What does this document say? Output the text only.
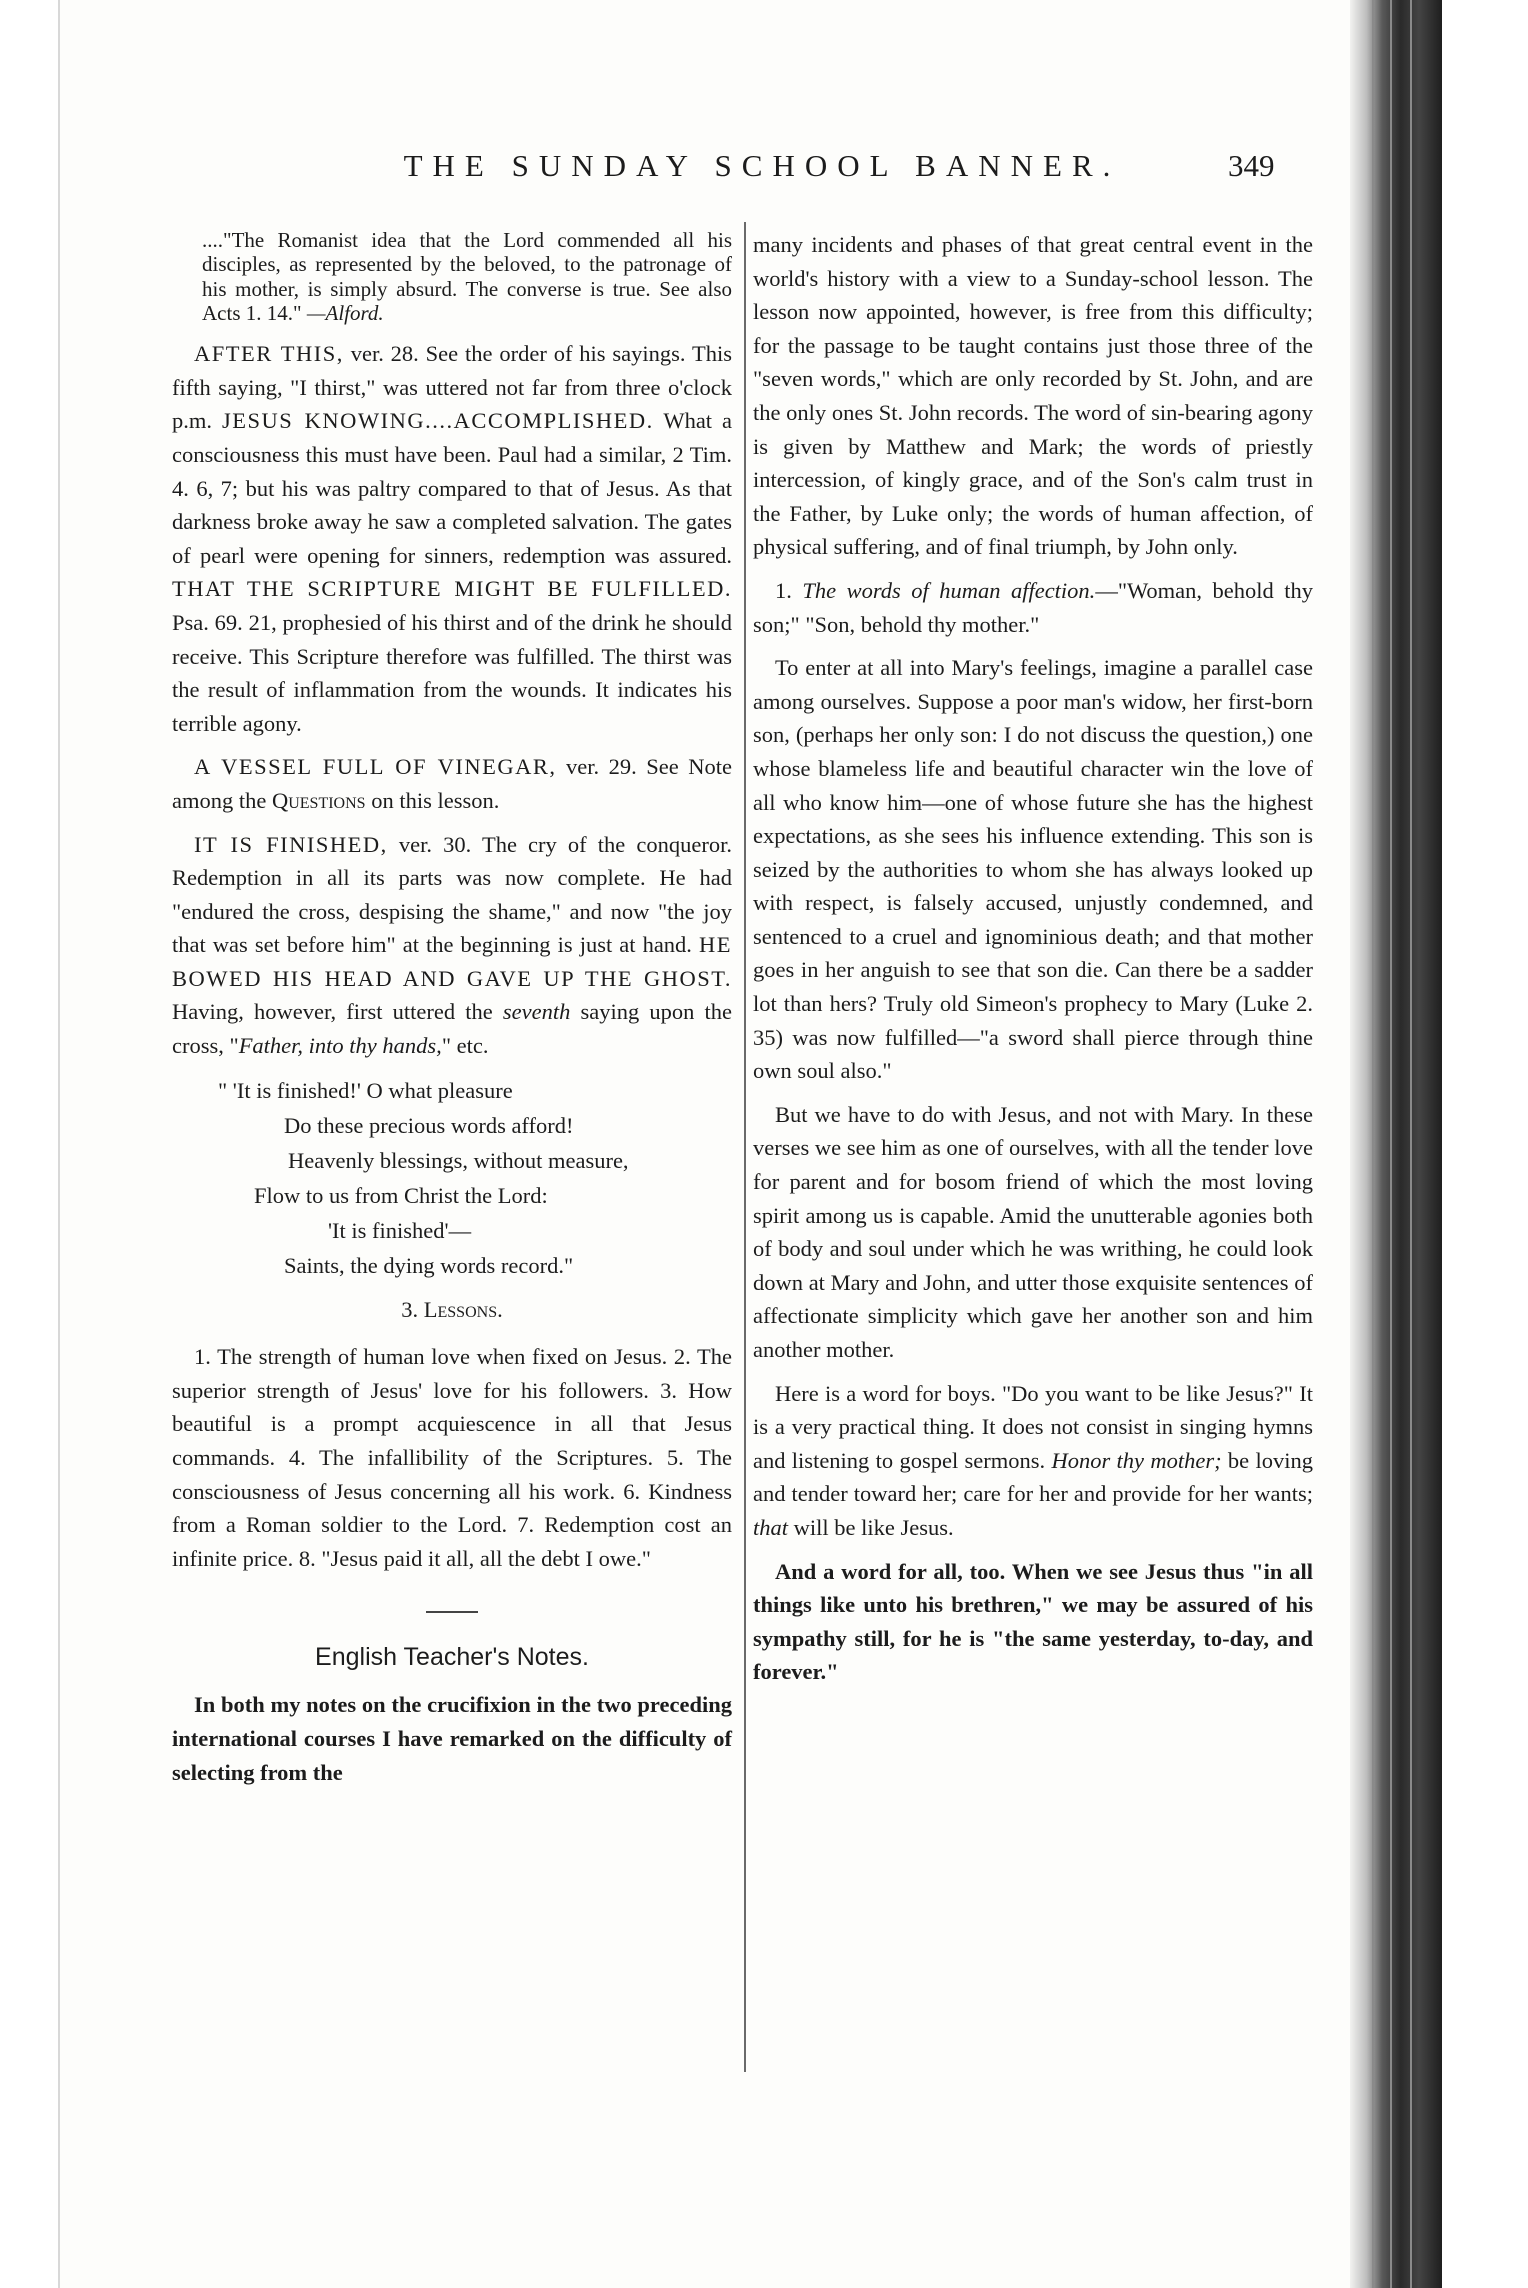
THE SUNDAY SCHOOL BANNER.	349

...."The Romanist idea that the Lord commended all his disciples, as represented by the beloved, to the patronage of his mother, is simply absurd. The converse is true. See also Acts 1. 14." —Alford.

AFTER THIS, ver. 28. See the order of his sayings. This fifth saying, "I thirst," was uttered not far from three o'clock p.m. JESUS KNOWING....ACCOMPLISHED. What a consciousness this must have been. Paul had a similar, 2 Tim. 4. 6, 7; but his was paltry compared to that of Jesus. As that darkness broke away he saw a completed salvation. The gates of pearl were opening for sinners, redemption was assured. THAT THE SCRIPTURE MIGHT BE FULFILLED. Psa. 69. 21, prophesied of his thirst and of the drink he should receive. This Scripture therefore was fulfilled. The thirst was the result of inflammation from the wounds. It indicates his terrible agony.

A VESSEL FULL OF VINEGAR, ver. 29. See Note among the Questions on this lesson.

IT IS FINISHED, ver. 30. The cry of the conqueror. Redemption in all its parts was now complete. He had "endured the cross, despising the shame," and now "the joy that was set before him" at the beginning is just at hand. HE BOWED HIS HEAD AND GAVE UP THE GHOST. Having, however, first uttered the seventh saying upon the cross, "Father, into thy hands," etc.

" 'It is finished!' O what pleasure
Do these precious words afford!
Heavenly blessings, without measure,
Flow to us from Christ the Lord:
'It is finished'—
Saints, the dying words record."

3. Lessons.

1. The strength of human love when fixed on Jesus. 2. The superior strength of Jesus' love for his followers. 3. How beautiful is a prompt acquiescence in all that Jesus commands. 4. The infallibility of the Scriptures. 5. The consciousness of Jesus concerning all his work. 6. Kindness from a Roman soldier to the Lord. 7. Redemption cost an infinite price. 8. "Jesus paid it all, all the debt I owe."

English Teacher's Notes.

In both my notes on the crucifixion in the two preceding international courses I have remarked on the difficulty of selecting from the

many incidents and phases of that great central event in the world's history with a view to a Sunday-school lesson. The lesson now appointed, however, is free from this difficulty; for the passage to be taught contains just those three of the "seven words," which are only recorded by St. John, and are the only ones St. John records. The word of sin-bearing agony is given by Matthew and Mark; the words of priestly intercession, of kingly grace, and of the Son's calm trust in the Father, by Luke only; the words of human affection, of physical suffering, and of final triumph, by John only.

1. The words of human affection.—"Woman, behold thy son;" "Son, behold thy mother."

To enter at all into Mary's feelings, imagine a parallel case among ourselves. Suppose a poor man's widow, her first-born son, (perhaps her only son: I do not discuss the question,) one whose blameless life and beautiful character win the love of all who know him—one of whose future she has the highest expectations, as she sees his influence extending. This son is seized by the authorities to whom she has always looked up with respect, is falsely accused, unjustly condemned, and sentenced to a cruel and ignominious death; and that mother goes in her anguish to see that son die. Can there be a sadder lot than hers? Truly old Simeon's prophecy to Mary (Luke 2. 35) was now fulfilled—"a sword shall pierce through thine own soul also."

But we have to do with Jesus, and not with Mary. In these verses we see him as one of ourselves, with all the tender love for parent and for bosom friend of which the most loving spirit among us is capable. Amid the unutterable agonies both of body and soul under which he was writhing, he could look down at Mary and John, and utter those exquisite sentences of affectionate simplicity which gave her another son and him another mother.

Here is a word for boys. "Do you want to be like Jesus?" It is a very practical thing. It does not consist in singing hymns and listening to gospel sermons. Honor thy mother; be loving and tender toward her; care for her and provide for her wants; that will be like Jesus.

And a word for all, too. When we see Jesus thus "in all things like unto his brethren," we may be assured of his sympathy still, for he is "the same yesterday, to-day, and forever."
